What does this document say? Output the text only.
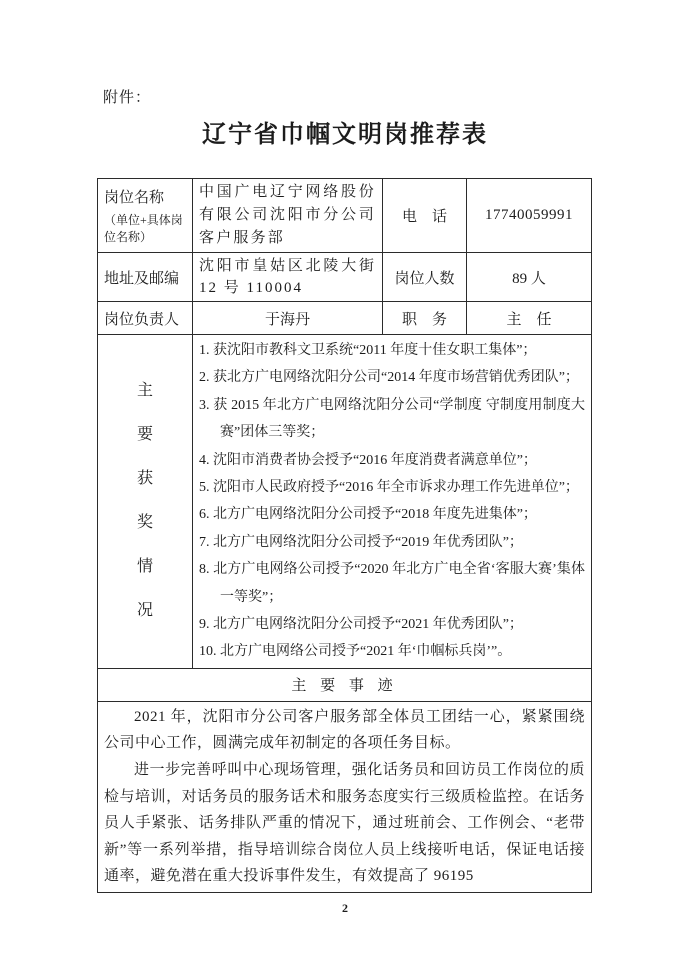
附件：
辽宁省巾帼文明岗推荐表
岗位名称
（单位+具体岗位名称）	中国广电辽宁网络股份有限公司沈阳市分公司客户服务部	电　话	17740059991
地址及邮编	沈阳市皇姑区北陵大街12 号 110004	岗位人数	89 人
岗位负责人	于海丹	职　务	主　任
主要获奖情况	
1. 获沈阳市教科文卫系统“2011 年度十佳女职工集体”；
2. 获北方广电网络沈阳分公司“2014 年度市场营销优秀团队”；
3. 获 2015 年北方广电网络沈阳分公司“学制度 守制度用制度大赛”团体三等奖；
4. 沈阳市消费者协会授予“2016 年度消费者满意单位”；
5. 沈阳市人民政府授予“2016 年全市诉求办理工作先进单位”；
6. 北方广电网络沈阳分公司授予“2018 年度先进集体”；
7. 北方广电网络沈阳分公司授予“2019 年优秀团队”；
8. 北方广电网络公司授予“2020 年北方广电全省‘客服大赛’集体一等奖”；
9. 北方广电网络沈阳分公司授予“2021 年优秀团队”；
10. 北方广电网络公司授予“2021 年‘巾帼标兵岗’”。

主 要 事 迹			

2021 年，沈阳市分公司客户服务部全体员工团结一心，紧紧围绕公司中心工作，圆满完成年初制定的各项任务目标。

进一步完善呼叫中心现场管理，强化话务员和回访员工作岗位的质检与培训，对话务员的服务话术和服务态度实行三级质检监控。在话务员人手紧张、话务排队严重的情况下，通过班前会、工作例会、“老带新”等一系列举措，指导培训综合岗位人员上线接听电话，保证电话接通率，避免潜在重大投诉事件发生，有效提高了 96195			

2
